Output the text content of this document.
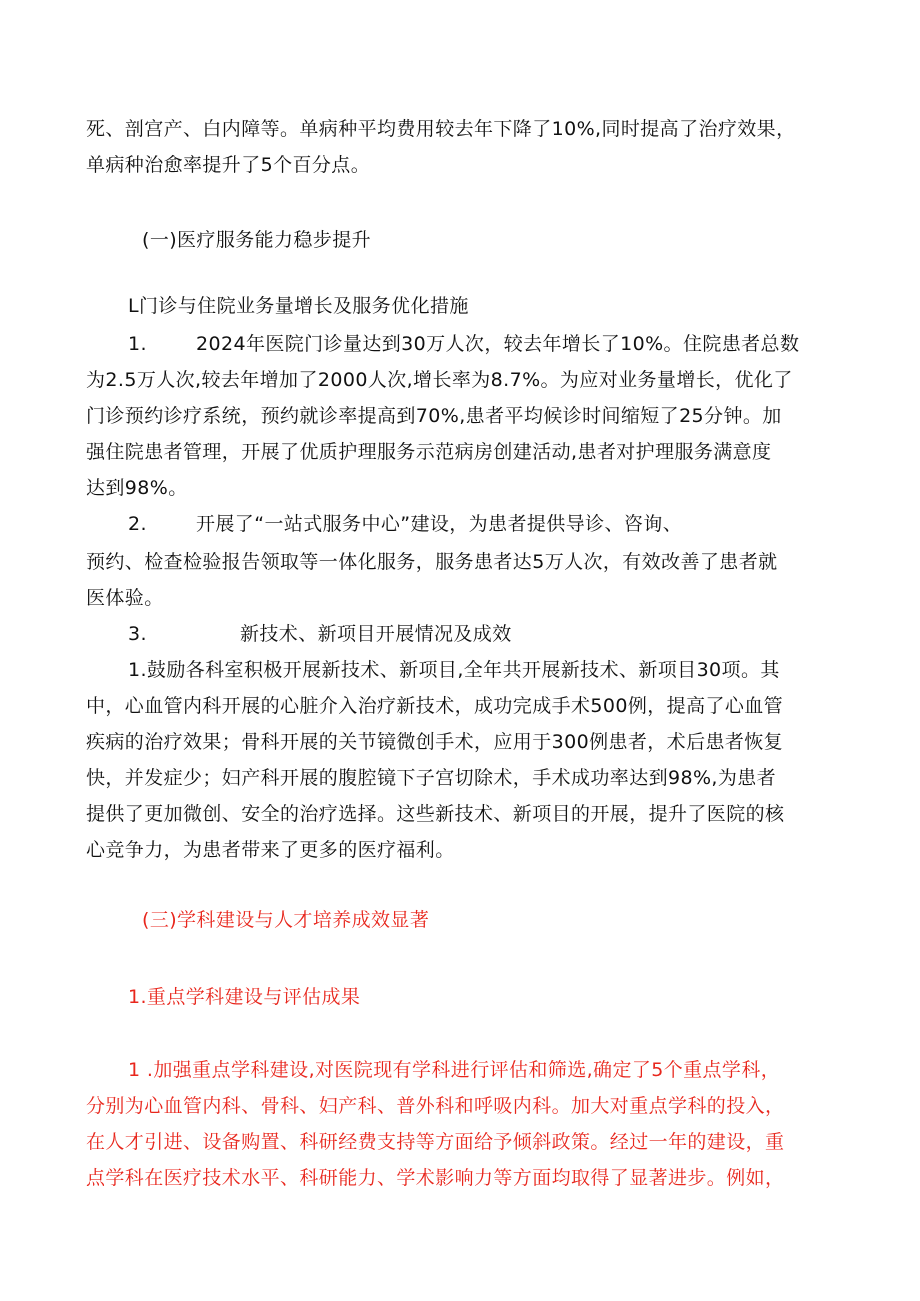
死、剖宫产、白内障等。单病种平均费用较去年下降了10%,同时提高了治疗效果，
单病种治愈率提升了5个百分点。
(一)医疗服务能力稳步提升
L门诊与住院业务量增长及服务优化措施
1.	2024年医院门诊量达到30万人次，较去年增长了10%。住院患者总数
为2.5万人次,较去年增加了2000人次,增长率为8.7%。为应对业务量增长，优化了
门诊预约诊疗系统，预约就诊率提高到70%,患者平均候诊时间缩短了25分钟。加
强住院患者管理，开展了优质护理服务示范病房创建活动,患者对护理服务满意度
达到98%。
2.	开展了“一站式服务中心”建设，为患者提供导诊、咨询、
预约、检查检验报告领取等一体化服务，服务患者达5万人次，有效改善了患者就
医体验。
3.	新技术、新项目开展情况及成效
1.鼓励各科室积极开展新技术、新项目,全年共开展新技术、新项目30项。其
中，心血管内科开展的心脏介入治疗新技术，成功完成手术500例，提高了心血管
疾病的治疗效果；骨科开展的关节镜微创手术，应用于300例患者，术后患者恢复
快，并发症少；妇产科开展的腹腔镜下子宫切除术，手术成功率达到98%,为患者
提供了更加微创、安全的治疗选择。这些新技术、新项目的开展，提升了医院的核
心竞争力，为患者带来了更多的医疗福利。
(三)学科建设与人才培养成效显著
1.重点学科建设与评估成果
1 .加强重点学科建设,对医院现有学科进行评估和筛选,确定了5个重点学科，
分别为心血管内科、骨科、妇产科、普外科和呼吸内科。加大对重点学科的投入，
在人才引进、设备购置、科研经费支持等方面给予倾斜政策。经过一年的建设，重
点学科在医疗技术水平、科研能力、学术影响力等方面均取得了显著进步。例如，
